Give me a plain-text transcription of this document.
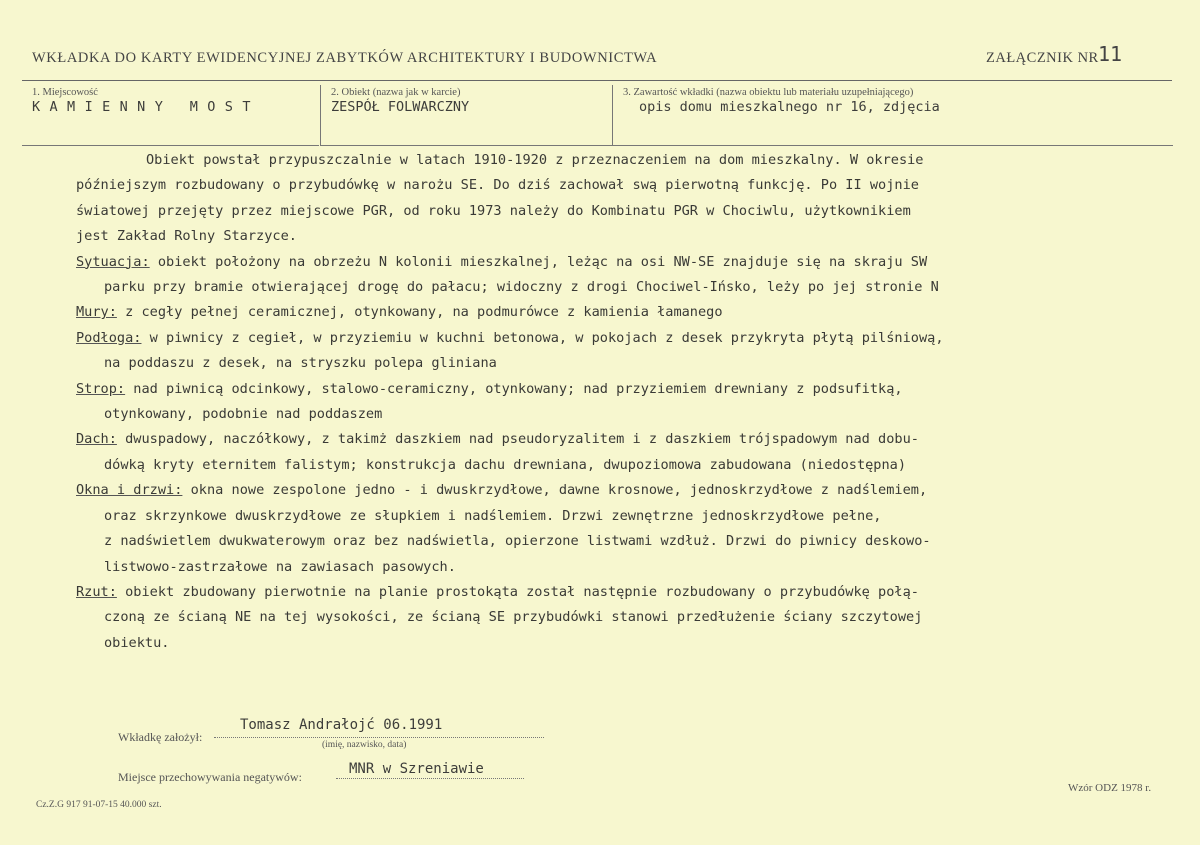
WKŁADKA DO KARTY EWIDENCYJNEJ ZABYTKÓW ARCHITEKTURY I BUDOWNICTWA	ZAŁĄCZNIK NR 11
1. Miejscowość
KAMIENNY MOST
2. Obiekt (nazwa jak w karcie)
ZESPÓŁ FOLWARCZNY
3. Zawartość wkładki (nazwa obiektu lub materiału uzupełniającego)
opis domu mieszkalnego nr 16, zdjęcia
Obiekt powstał przypuszczalnie w latach 1910-1920 z przeznaczeniem na dom mieszkalny. W okresie
późniejszym rozbudowany o przybudówkę w narożu SE. Do dziś zachował swą pierwotną funkcję. Po II wojnie
światowej przejęty przez miejscowe PGR, od roku 1973 należy do Kombinatu PGR w Chociwlu, użytkownikiem
jest Zakład Rolny Starzyce.
Sytuacja: obiekt położony na obrzeżu N kolonii mieszkalnej, leżąc na osi NW-SE znajduje się na skraju SW
parku przy bramie otwierającej drogę do pałacu; widoczny z drogi Chociwel-Ińsko, leży po jej stronie N
Mury: z cegły pełnej ceramicznej, otynkowany, na podmurówce z kamienia łamanego
Podłoga: w piwnicy z cegieł, w przyziemiu w kuchni betonowa, w pokojach z desek przykryta płytą pilśniową,
na poddaszu z desek, na stryszku polepa gliniana
Strop: nad piwnicą odcinkowy, stalowo-ceramiczny, otynkowany; nad przyziemiem drewniany z podsufitką,
otynkowany, podobnie nad poddaszem
Dach: dwuspadowy, naczółkowy, z takimż daszkiem nad pseudoryzalitem i z daszkiem trójspadowym nad dobu-
dówką kryty eternitem falistym; konstrukcja dachu drewniana, dwupoziomowa zabudowana (niedostępna)
Okna i drzwi: okna nowe zespolone jedno - i dwuskrzydłowe, dawne krosnowe, jednoskrzydłowe z nadślemiem,
oraz skrzynkowe dwuskrzydłowe ze słupkiem i nadślemiem. Drzwi zewnętrzne jednoskrzydłowe pełne,
z nadświetlem dwukwaterowym oraz bez nadświetla, opierzone listwami wzdłuż. Drzwi do piwnicy deskowo-
listwowo-zastrzałowe na zawiasach pasowych.
Rzut: obiekt zbudowany pierwotnie na planie prostokąta został następnie rozbudowany o przybudówkę połą-
czoną ze ścianą NE na tej wysokości, ze ścianą SE przybudówki stanowi przedłużenie ściany szczytowej
obiektu.
Wkładkę założył:
Tomasz Andrałojć 06.1991
(imię, nazwisko, data)
Miejsce przechowywania negatywów:	MNR w Szreniawie
Wzór ODZ 1978 r.
Cz.Z.G 917 91-07-15 40.000 szt.
